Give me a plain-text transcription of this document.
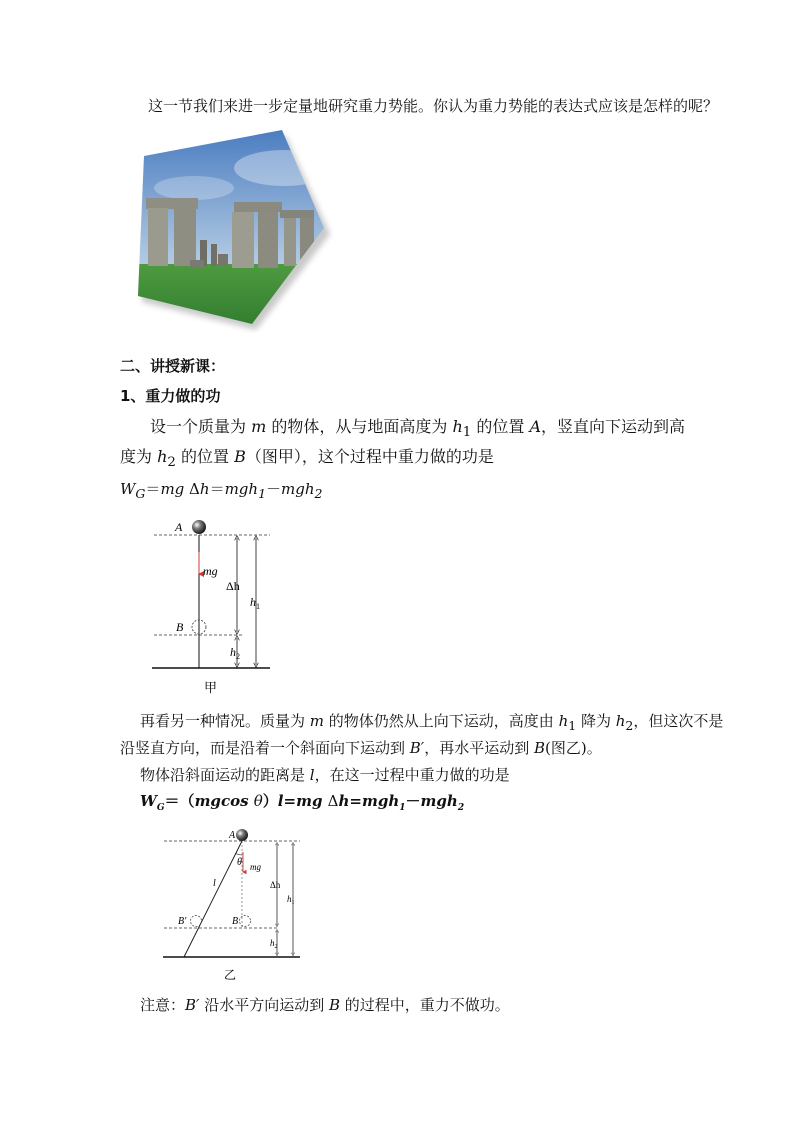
这一节我们来进一步定量地研究重力势能。你认为重力势能的表达式应该是怎样的呢？
二、讲授新课：
1、重力做的功
设一个质量为 m 的物体，从与地面高度为 $h_1$ 的位置 A，竖直向下运动到高
度为 $h_2$ 的位置 B（图甲），这个过程中重力做的功是
$W_G=mg$ Δh＝mgh$_1$－mgh$_2$
A
mg
B
Δh
$h_1$
$h_2$
甲
再看另一种情况。质量为 m 的物体仍然从上向下运动，高度由 $h_1$ 降为 $h_2$，但这次不是
沿竖直方向，而是沿着一个斜面向下运动到 B′，再水平运动到 B(图乙)。
物体沿斜面运动的距离是 l，在这一过程中重力做的功是
$W_G=(mgcos$ θ）l=mg Δh=mgh$_1$－mgh$_2$
A
θ mg
l
B′	B
Δh
$h_1$
$h_2$
乙
注意：B′ 沿水平方向运动到 B 的过程中，重力不做功。
